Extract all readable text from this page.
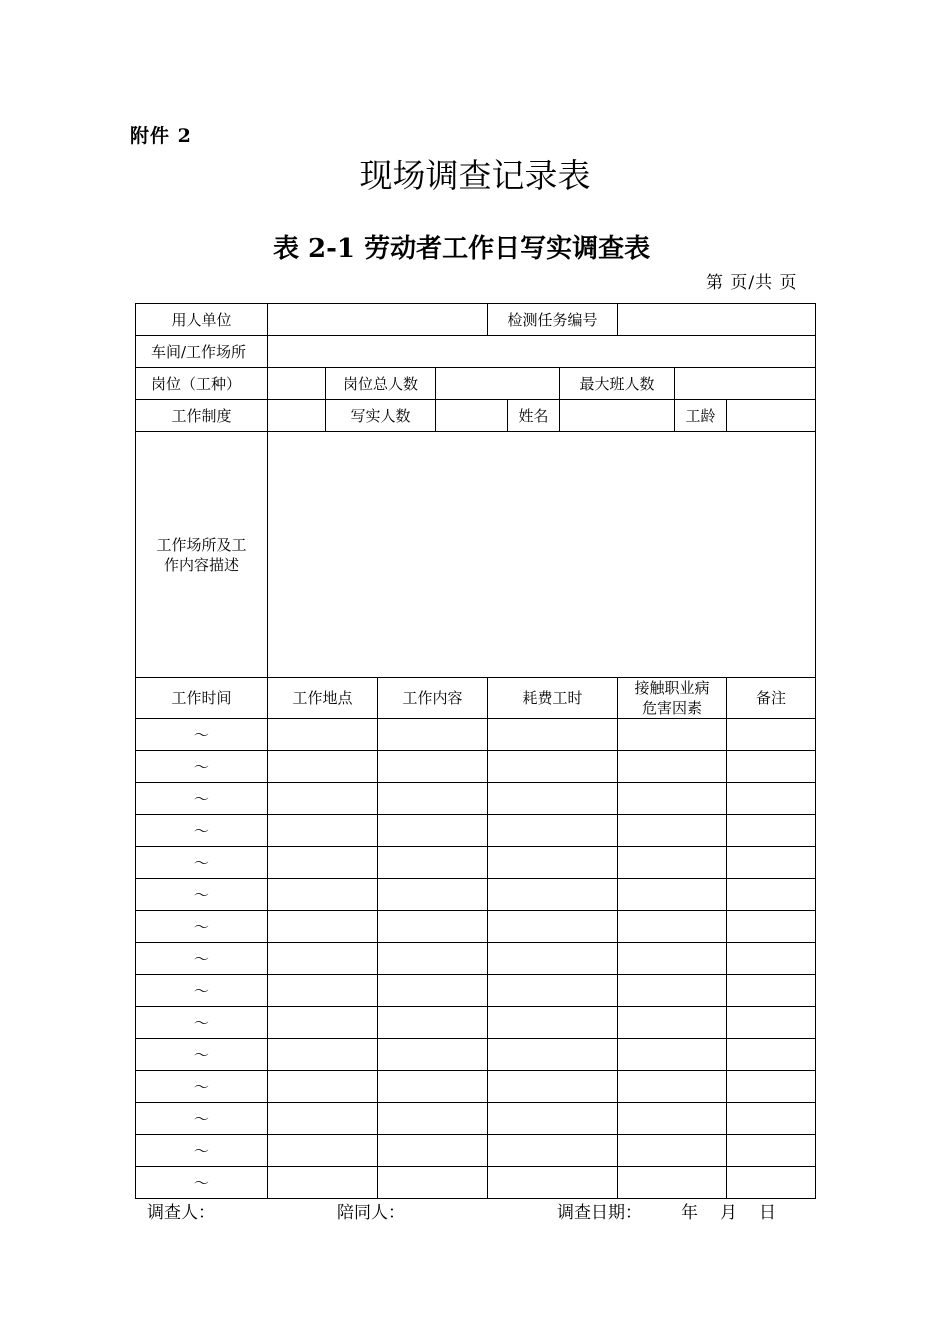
附件 2
现场调查记录表
表 2-1 劳动者工作日写实调查表
第 页/共 页
用人单位					检测任务编号					
车间/工作场所										
岗位（工种）		岗位总人数					最大班人数			
工作制度		写实人数				姓名			工龄	
工作场所及工作内容描述										
工作时间	工作地点		工作内容		耗费工时			接触职业病危害因素		备注
～										
～										
～										
～										
～										
～										
～										
～										
～										
～										
～										
～										
～										
～										
～										
调查人：	陪同人：	调查日期： 年 月 日
